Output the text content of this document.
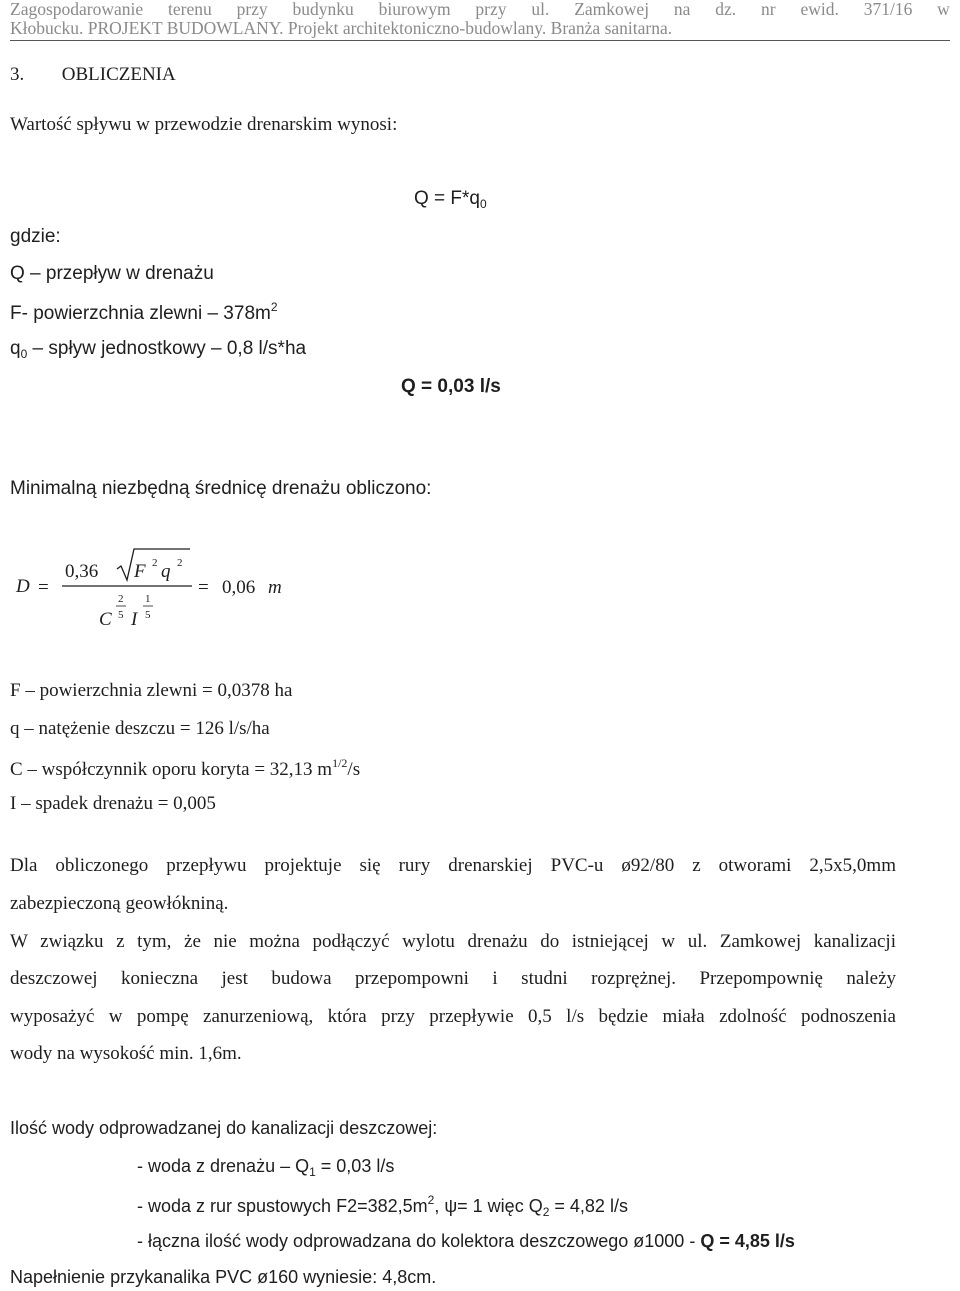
Zagospodarowanie terenu przy budynku biurowym przy ul. Zamkowej na dz. nr ewid. 371/16 w
Kłobucku. PROJEKT BUDOWLANY. Projekt architektoniczno-budowlany. Branża sanitarna.
3. OBLICZENIA
Wartość spływu w przewodzie drenarskim wynosi:
$Q = F*q_0$
gdzie:
Q – przepływ w drenażu
F- powierzchnia zlewni – $378m^2$
$q_0$ – spływ jednostkowy – 0,8 l/s*ha
Q = 0,03 l/s
Minimalną niezbędną średnicę drenażu obliczono:
D =
0,36 F 2 q 2
C
2
5 I
1
5
= 0,06 m
F – powierzchnia zlewni = 0,0378 ha
q – natężenie deszczu = 126 l/s/ha
C – współczynnik oporu koryta = 32,13 $m^{1/2}/s$
I – spadek drenażu = 0,005
Dla obliczonego przepływu projektuje się rury drenarskiej PVC-u ø92/80 z otworami 2,5x5,0mm
zabezpieczoną geowłókniną.
W związku z tym, że nie można podłączyć wylotu drenażu do istniejącej w ul. Zamkowej kanalizacji
deszczowej konieczna jest budowa przepompowni i studni rozprężnej. Przepompownię należy
wyposażyć w pompę zanurzeniową, która przy przepływie 0,5 l/s będzie miała zdolność podnoszenia
wody na wysokość min. 1,6m.
Ilość wody odprowadzanej do kanalizacji deszczowej:
- woda z drenażu – $Q_1 = 0,03$ l/s
- woda z rur spustowych $F2=382,5m^2$, ψ= 1 więc $Q_2 = 4,82$ l/s
- łączna ilość wody odprowadzana do kolektora deszczowego ø1000 - Q = 4,85 l/s
Napełnienie przykanalika PVC ø160 wyniesie: 4,8cm.
